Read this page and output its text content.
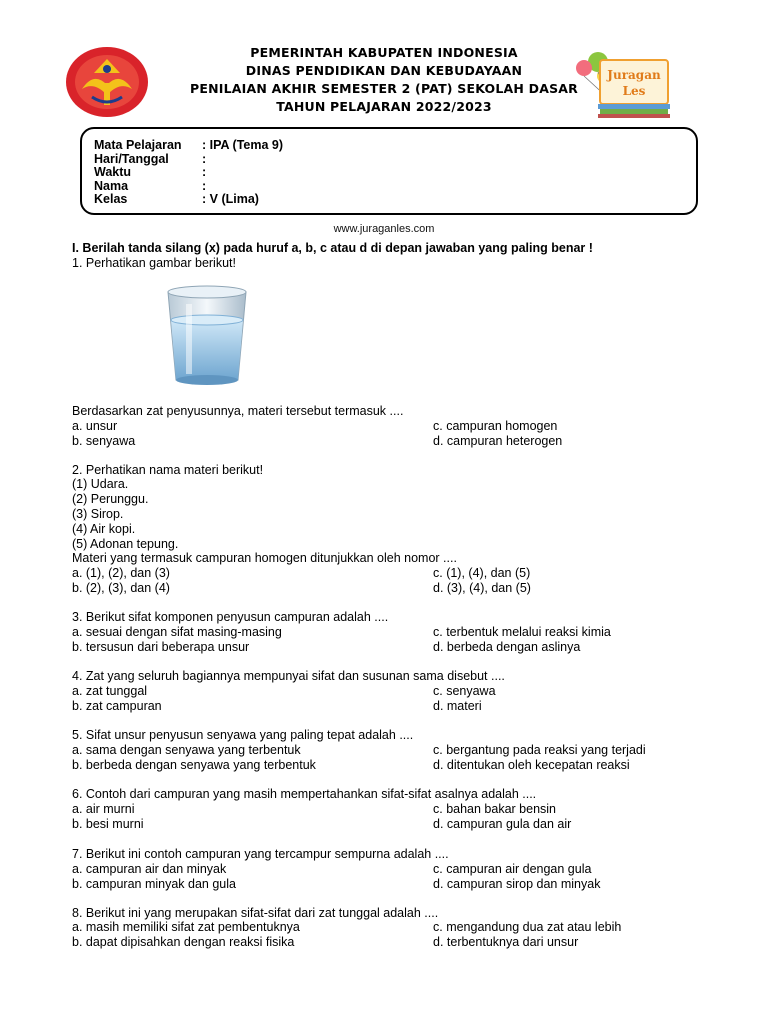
Juragan
Les
PEMERINTAH KABUPATEN INDONESIA
DINAS PENDIDIKAN DAN KEBUDAYAAN
PENILAIAN AKHIR SEMESTER 2 (PAT) SEKOLAH DASAR
TAHUN PELAJARAN 2022/2023
Mata Pelajaran : IPA (Tema 9)
Hari/Tanggal	:
Waktu	:
Nama	:
Kelas	: V (Lima)
www.juraganles.com
I. Berilah tanda silang (x) pada huruf a, b, c atau d di depan jawaban yang paling benar !
1. Perhatikan gambar berikut!
Berdasarkan zat penyusunnya, materi tersebut termasuk ....
a. unsur	c. campuran homogen
b. senyawa	d. campuran heterogen
2. Perhatikan nama materi berikut!
(1) Udara.
(2) Perunggu.
(3) Sirop.
(4) Air kopi.
(5) Adonan tepung.
Materi yang termasuk campuran homogen ditunjukkan oleh nomor ....
a. (1), (2), dan (3)	c. (1), (4), dan (5)
b. (2), (3), dan (4)	d. (3), (4), dan (5)
3. Berikut sifat komponen penyusun campuran adalah ....
a. sesuai dengan sifat masing-masing	c. terbentuk melalui reaksi kimia
b. tersusun dari beberapa unsur	d. berbeda dengan aslinya
4. Zat yang seluruh bagiannya mempunyai sifat dan susunan sama disebut ....
a. zat tunggal	c. senyawa
b. zat campuran	d. materi
5. Sifat unsur penyusun senyawa yang paling tepat adalah ....
a. sama dengan senyawa yang terbentuk	c. bergantung pada reaksi yang terjadi
b. berbeda dengan senyawa yang terbentuk	d. ditentukan oleh kecepatan reaksi
6. Contoh dari campuran yang masih mempertahankan sifat-sifat asalnya adalah ....
a. air murni	c. bahan bakar bensin
b. besi murni	d. campuran gula dan air
7. Berikut ini contoh campuran yang tercampur sempurna adalah ....
a. campuran air dan minyak	c. campuran air dengan gula
b. campuran minyak dan gula	d. campuran sirop dan minyak
8. Berikut ini yang merupakan sifat-sifat dari zat tunggal adalah ....
a. masih memiliki sifat zat pembentuknya	c. mengandung dua zat atau lebih
b. dapat dipisahkan dengan reaksi fisika	d. terbentuknya dari unsur
